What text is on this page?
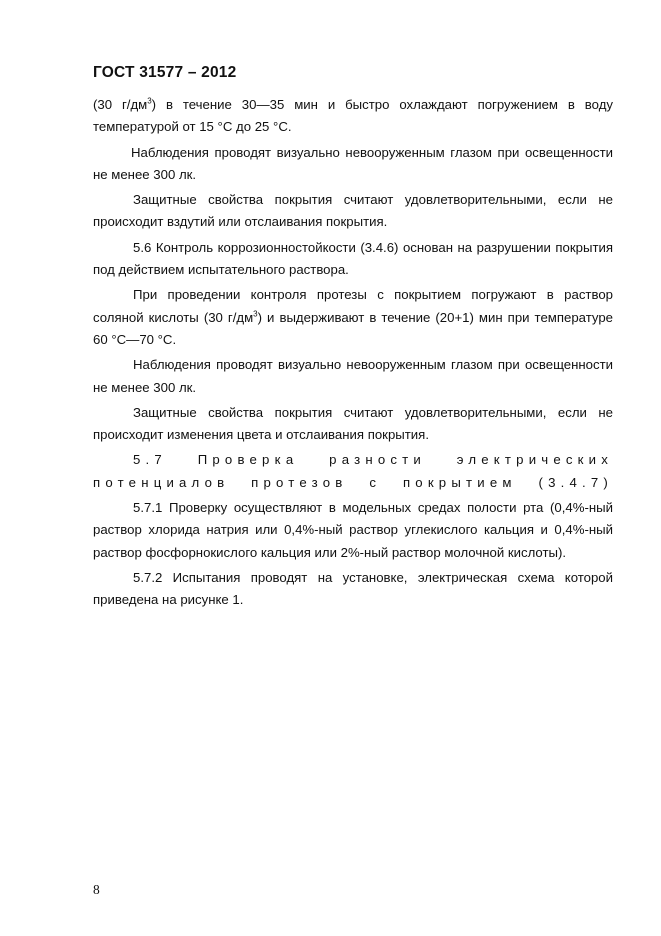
ГОСТ 31577 – 2012

(30 $г/дм^3$) в течение 30—35 мин и быстро охлаждают погружением в воду температурой от 15 °С до 25 °С.

Наблюдения проводят визуально невооруженным глазом при освещенности не менее 300 лк.

Защитные свойства покрытия считают удовлетворительными, если не происходит вздутий или отслаивания покрытия.

5.6 Контроль коррозионностойкости (3.4.6) основан на разрушении покрытия под действием испытательного раствора.

При проведении контроля протезы с покрытием погружают в раствор соляной кислоты (30 $г/дм^3$) и выдерживают в течение (20+1) мин при температуре 60 °С—70 °С.

Наблюдения проводят визуально невооруженным глазом при освещенности не менее 300 лк.

Защитные свойства покрытия считают удовлетворительными, если не происходит изменения цвета и отслаивания покрытия.

5.7 Проверка разности электрических потенциалов протезов с покрытием (3.4.7)

5.7.1 Проверку осуществляют в модельных средах полости рта (0,4%-ный раствор хлорида натрия или 0,4%-ный раствор углекислого кальция и 0,4%-ный раствор фосфорнокислого кальция или 2%-ный раствор молочной кислоты).

5.7.2 Испытания проводят на установке, электрическая схема которой приведена на рисунке 1.

8
